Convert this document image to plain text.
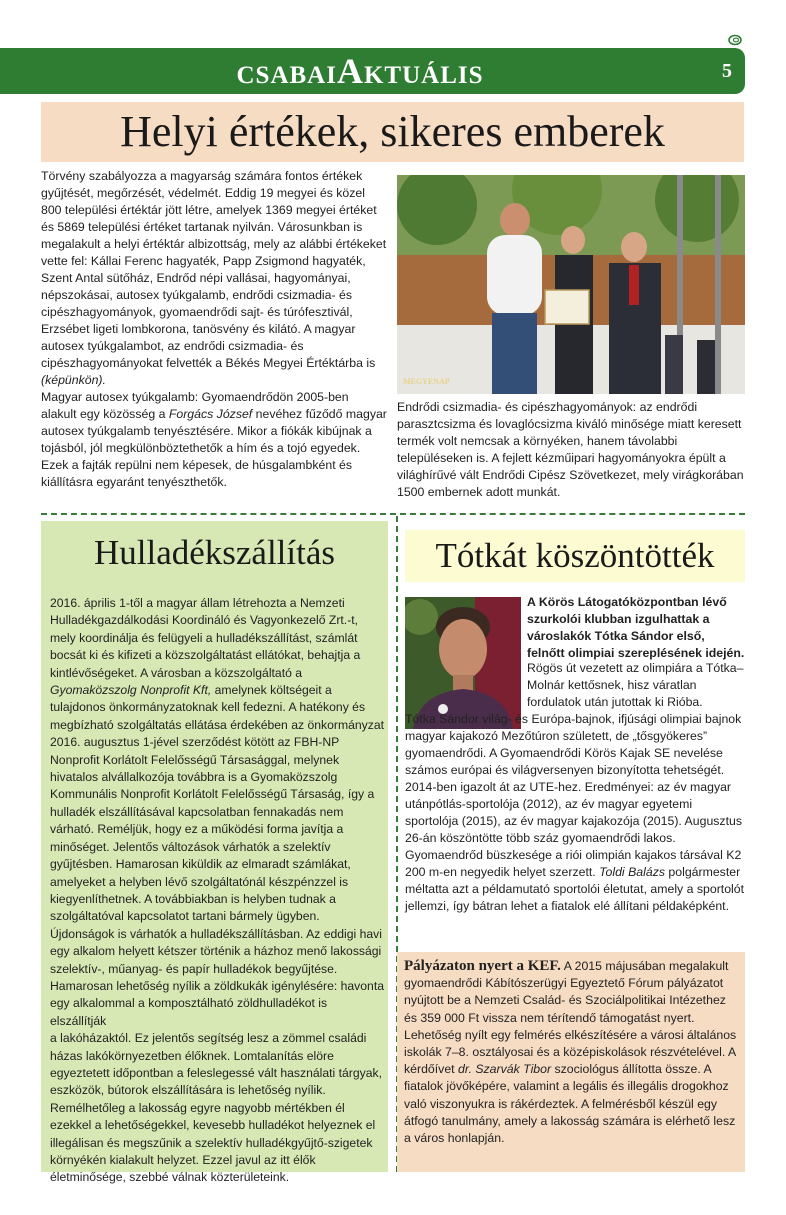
CSABAIAKTUÁLIS	5
Helyi értékek, sikeres emberek

Törvény szabályozza a magyarság számára fontos értékek gyűjtését, megőrzését, védelmét. Eddig 19 megyei és közel 800 települési értéktár jött létre, amelyek 1369 megyei értéket és 5869 települési értéket tartanak nyilván. Városunkban is megalakult a helyi értéktár albizottság, mely az alábbi értékeket vette fel: Kállai Ferenc hagyaték, Papp Zsigmond hagyaték, Szent Antal sütőház, Endrőd népi vallásai, hagyományai, népszokásai, autosex tyúkgalamb, endrődi csizmadia- és cipészhagyományok, gyomaendrődi sajt- és túrófesztivál, Erzsébet ligeti lombkorona, tanösvény és kilátó. A magyar autosex tyúkgalambot, az endrődi csizmadia- és cipészhagyományokat felvették a Békés Megyei Értéktárba is (képünkön).

Magyar autosex tyúkgalamb: Gyomaendrődön 2005-ben alakult egy közösség a Forgács József nevéhez fűződő magyar autosex tyúkgalamb tenyésztésére. Mikor a fiókák kibújnak a tojásból, jól megkülönböztethetők a hím és a tojó egyedek. Ezek a fajták repülni nem képesek, de húsgalambként és kiállításra egyaránt tenyészthetők.

MEGYENAP
Endrődi csizmadia- és cipészhagyományok: az endrődi parasztcsizma és lovaglócsizma kiváló minősége miatt keresett termék volt nemcsak a környéken, hanem távolabbi településeken is. A fejlett kézműipari hagyományokra épült a világhírűvé vált Endrődi Cipész Szövetkezet, mely virágkorában 1500 embernek adott munkát.
Hulladékszállítás
2016. április 1-től a magyar állam létrehozta a Nemzeti Hulladékgazdálkodási Koordináló és Vagyonkezelő Zrt.-t, mely koordinálja és felügyeli a hulladékszállítást, számlát bocsát ki és kifizeti a közszolgáltatást ellátókat, behajtja a kintlévőségeket. A városban a közszolgáltató a Gyomaközszolg Nonprofit Kft, amelynek költségeit a tulajdonos önkormányzatoknak kell fedezni. A hatékony és megbízható szolgáltatás ellátása érdekében az önkormányzat 2016. augusztus 1-jével szerződést kötött az FBH-NP Nonprofit Korlátolt Felelősségű Társasággal, melynek hivatalos alvállalkozója továbbra is a Gyomaközszolg Kommunális Nonprofit Korlátolt Felelősségű Társaság, így a hulladék elszállításával kapcsolatban fennakadás nem várható. Reméljük, hogy ez a működési forma javítja a minőséget. Jelentős változások várhatók a szelektív gyűjtésben. Hamarosan kiküldik az elmaradt számlákat, amelyeket a helyben lévő szolgáltatónál készpénzzel is kiegyenlíthetnek. A továbbiakban is helyben tudnak a szolgáltatóval kapcsolatot tartani bármely ügyben. Újdonságok is várhatók a hulladékszállításban. Az eddigi havi egy alkalom helyett kétszer történik a házhoz menő lakossági szelektív-, műanyag- és papír hulladékok begyűjtése. Hamarosan lehetőség nyílik a zöldkukák igénylésére: havonta egy alkalommal a komposztálható zöldhulladékot is elszállítják
a lakóházaktól. Ez jelentős segítség lesz a zömmel családi házas lakókörnyezetben élőknek. Lomtalanítás elöre egyeztetett időpontban a feleslegessé vált használati tárgyak, eszközök, bútorok elszállítására is lehetőség nyílik. Remélhetőleg a lakosság egyre nagyobb mértékben él ezekkel a lehetőségekkel, kevesebb hulladékot helyeznek el illegálisan és megszűnik a szelektív hulladékgyűjtő-szigetek környékén kialakult helyzet. Ezzel javul az itt élők életminősége, szebbé válnak közterületeink.
Tótkát köszöntötték
A Körös Látogatóközpontban lévő szurkolói klubban izgulhattak a városlakók Tótka Sándor első, felnőtt olimpiai szereplésének idején.

Rögös út vezetett az olimpiára a Tótka–Molnár kettősnek, hisz váratlan fordulatok után jutottak ki Rióba.

Tótka Sándor világ- és Európa-bajnok, ifjúsági olimpiai bajnok magyar kajakozó Mezőtúron született, de „tősgyökeres” gyomaendrődi. A Gyomaendrődi Körös Kajak SE nevelése számos európai és világversenyen bizonyította tehetségét. 2014-ben igazolt át az UTE-hez. Eredményei: az év magyar utánpótlás-sportolója (2012), az év magyar egyetemi sportolója (2015), az év magyar kajakozója (2015). Augusztus 26-án köszöntötte több száz gyomaendrődi lakos. Gyomaendrőd büszkesége a riói olimpián kajakos társával K2 200 m-en negyedik helyet szerzett. Toldi Balázs polgármester méltatta azt a példamutató sportolói életutat, amely a sportolót jellemzi, így bátran lehet a fiatalok elé állítani példaképként.

Pályázaton nyert a KEF. A 2015 májusában megalakult gyomaendrődi Kábítószerügyi Egyeztető Fórum pályázatot nyújtott be a Nemzeti Család- és Szociálpolitikai Intézethez és 359 000 Ft vissza nem térítendő támogatást nyert. Lehetőség nyílt egy felmérés elkészítésére a városi általános iskolák 7–8. osztályosai és a középiskolások részvételével. A kérdőívet dr. Szarvák Tibor szociológus állította össze. A fiatalok jövőképére, valamint a legális és illegális drogokhoz való viszonyukra is rákérdeztek. A felmérésből készül egy átfogó tanulmány, amely a lakosság számára is elérhető lesz a város honlapján.
